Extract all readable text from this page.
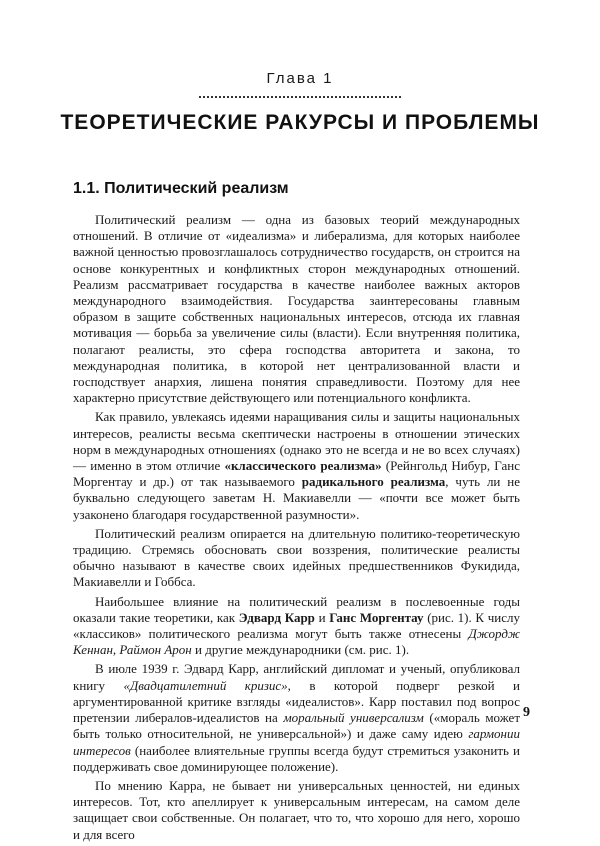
Глава 1
ТЕОРЕТИЧЕСКИЕ РАКУРСЫ И ПРОБЛЕМЫ
1.1. Политический реализм

Политический реализм — одна из базовых теорий международных отношений. В отличие от «идеализма» и либерализма, для которых наиболее важной ценностью провозглашалось сотрудничество государств, он строится на основе конкурентных и конфликтных сторон международных отношений. Реализм рассматривает государства в качестве наиболее важных акторов международного взаимодействия. Государства заинтересованы главным образом в защите собственных национальных интересов, отсюда их главная мотивация — борьба за увеличение силы (власти). Если внутренняя политика, полагают реалисты, это сфера господства авторитета и закона, то международная политика, в которой нет централизованной власти и господствует анархия, лишена понятия справедливости. Поэтому для нее характерно присутствие действующего или потенциального конфликта.

Как правило, увлекаясь идеями наращивания силы и защиты национальных интересов, реалисты весьма скептически настроены в отношении этических норм в международных отношениях (однако это не всегда и не во всех случаях) — именно в этом отличие «классического реализма» (Рейнгольд Нибур, Ганс Моргентау и др.) от так называемого радикального реализма, чуть ли не буквально следующего заветам Н. Макиавелли — «почти все может быть узаконено благодаря государственной разумности».

Политический реализм опирается на длительную политико-теоретическую традицию. Стремясь обосновать свои воззрения, политические реалисты обычно называют в качестве своих идейных предшественников Фукидида, Макиавелли и Гоббса.

Наибольшее влияние на политический реализм в послевоенные годы оказали такие теоретики, как Эдвард Карр и Ганс Моргентау (рис. 1). К числу «классиков» политического реализма могут быть также отнесены Джордж Кеннан, Раймон Арон и другие международники (см. рис. 1).

В июле 1939 г. Эдвард Карр, английский дипломат и ученый, опубликовал книгу «Двадцатилетний кризис», в которой подверг резкой и аргументированной критике взгляды «идеалистов». Карр поставил под вопрос претензии либералов-идеалистов на моральный универсализм («мораль может быть только относительной, не универсальной») и даже саму идею гармонии интересов (наиболее влиятельные группы всегда будут стремиться узаконить и поддерживать свое доминирующее положение).

По мнению Карра, не бывает ни универсальных ценностей, ни единых интересов. Тот, кто апеллирует к универсальным интересам, на самом деле защищает свои собственные. Он полагает, что то, что хорошо для него, хорошо и для всего

9
